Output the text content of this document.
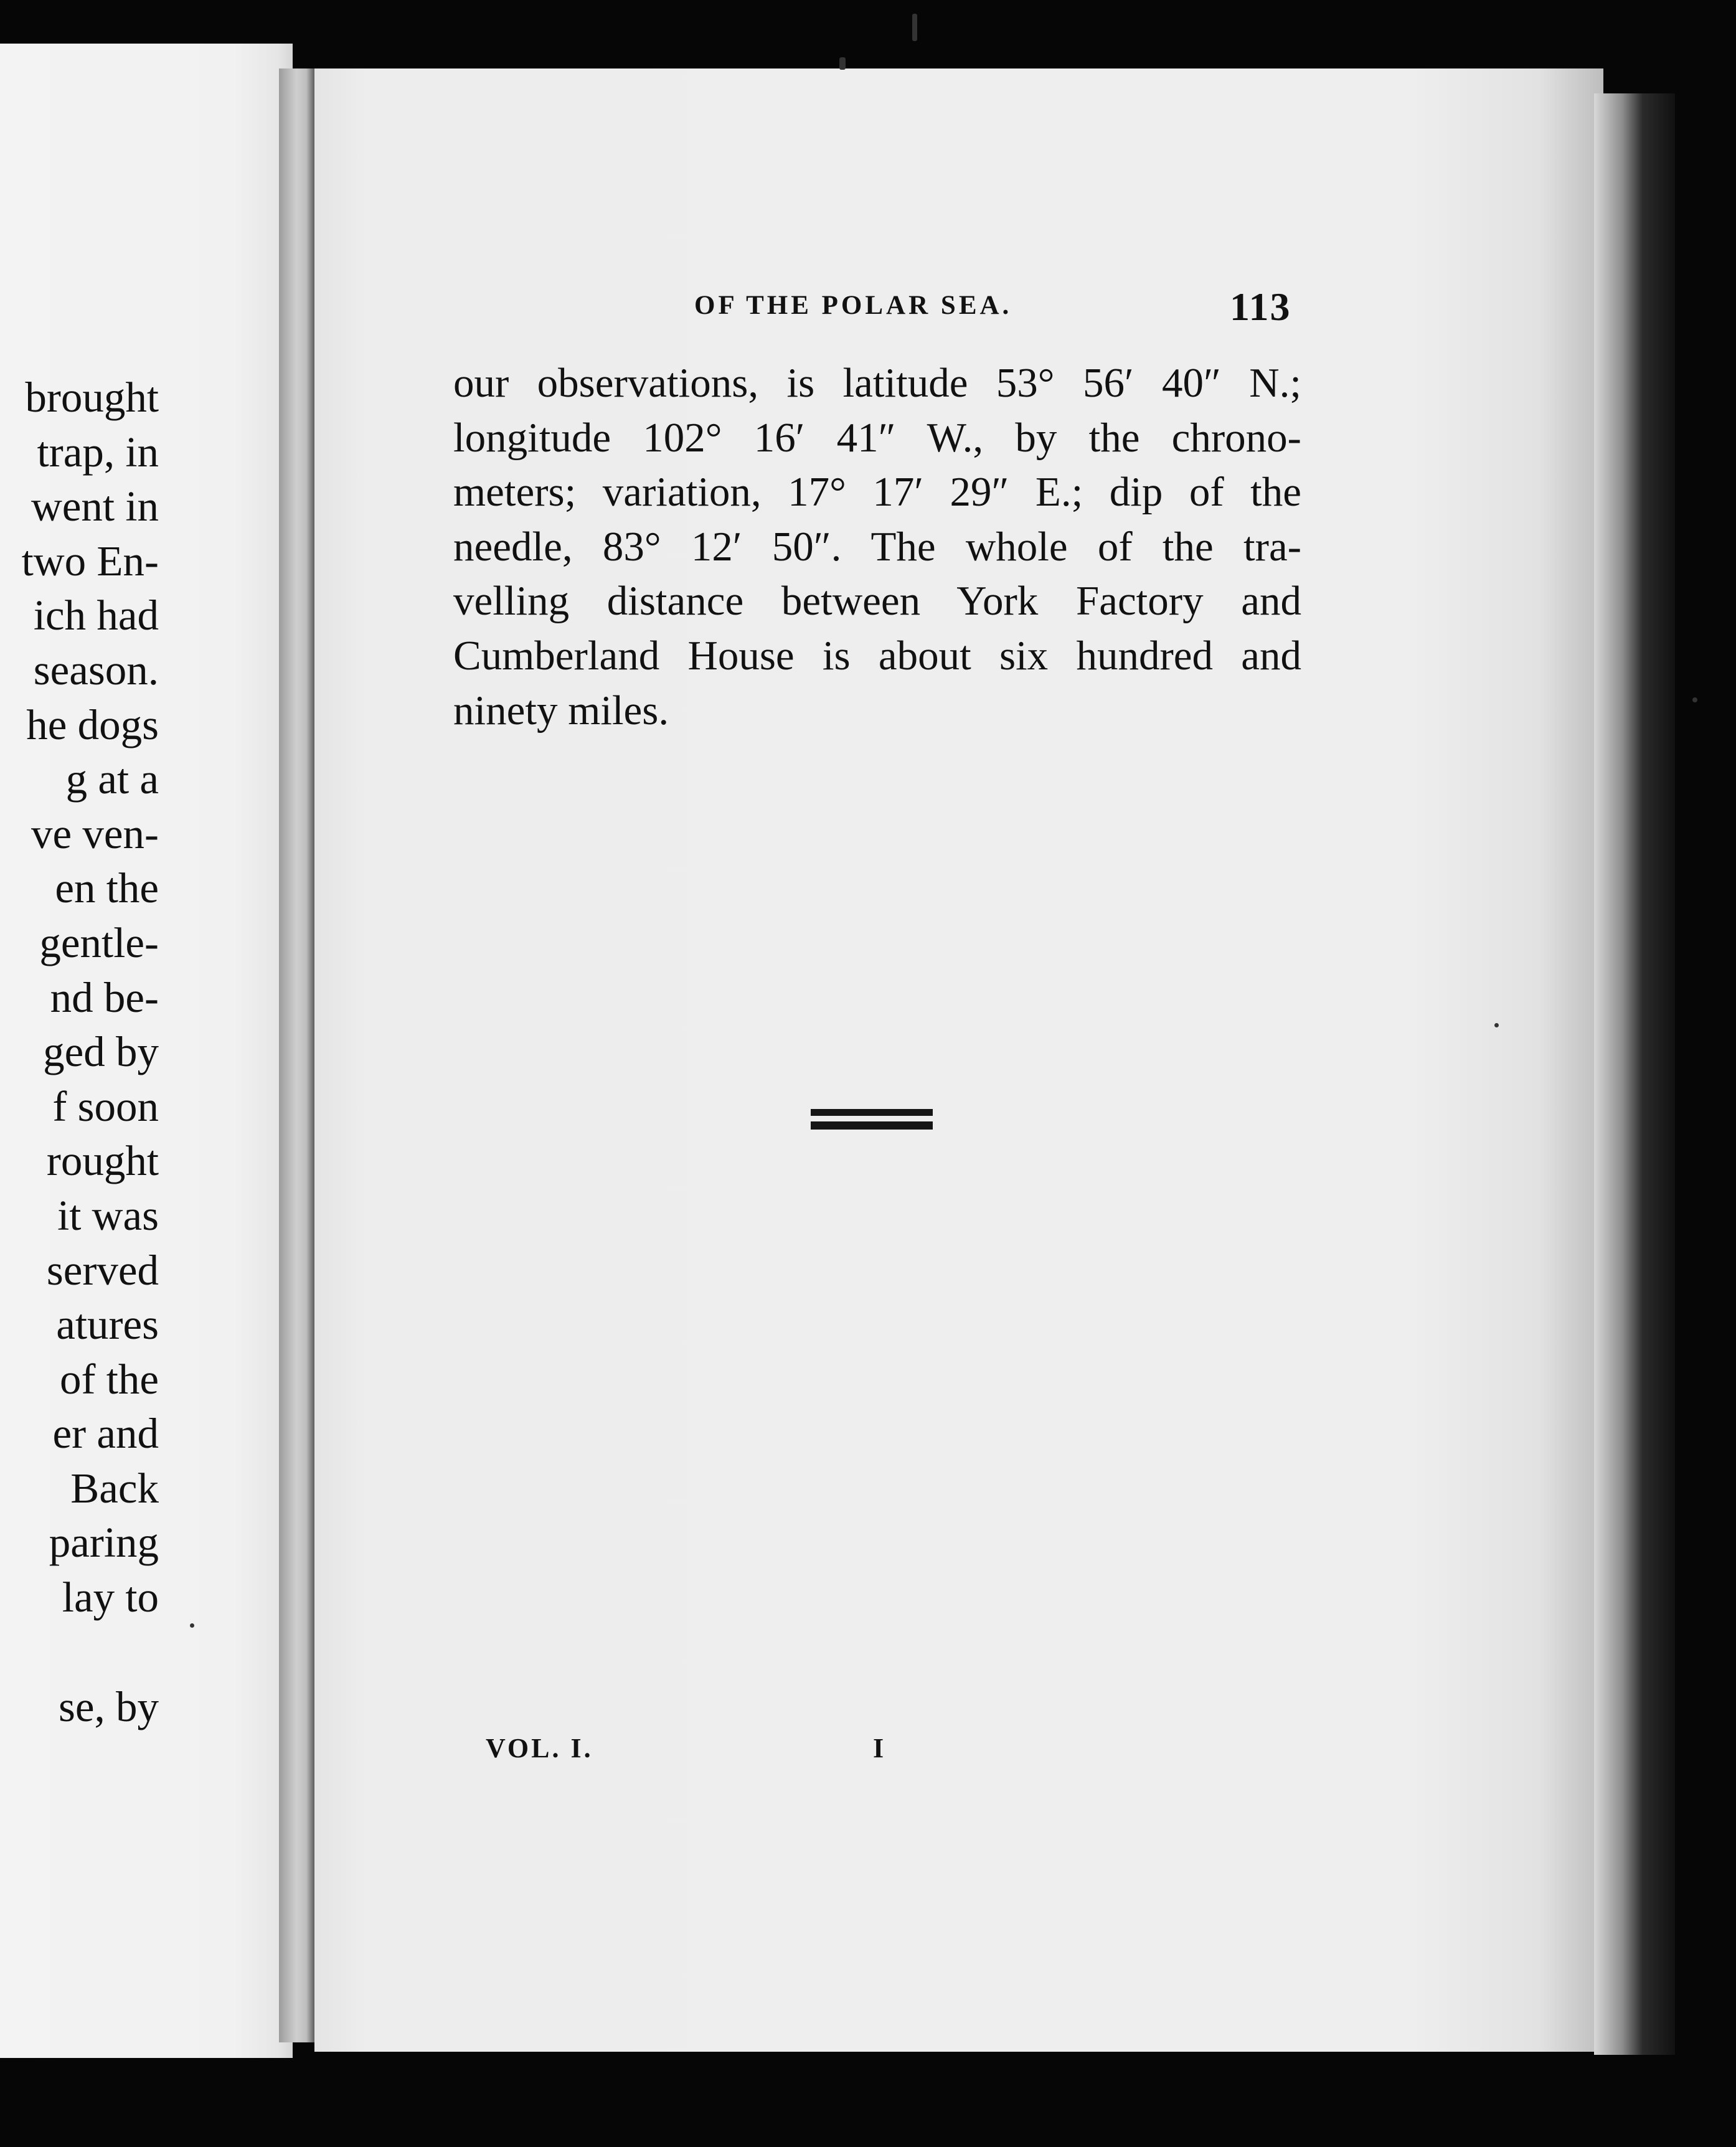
brought
trap, in
went in
two En-
ich had
season.
he dogs
g at a
ve ven-
en the
gentle-
nd be-
ged by
f soon
rought
it was
served
atures
of the
er and
Back
paring
lay to
se, by
OF THE POLAR SEA.	113
our observations, is latitude 53° 56′ 40″ N.;
longitude 102° 16′ 41″ W., by the chrono-
meters; variation, 17° 17′ 29″ E.; dip of the
needle, 83° 12′ 50″. The whole of the tra-
velling distance between York Factory and
Cumberland House is about six hundred and
ninety miles.
VOL. I.	I
